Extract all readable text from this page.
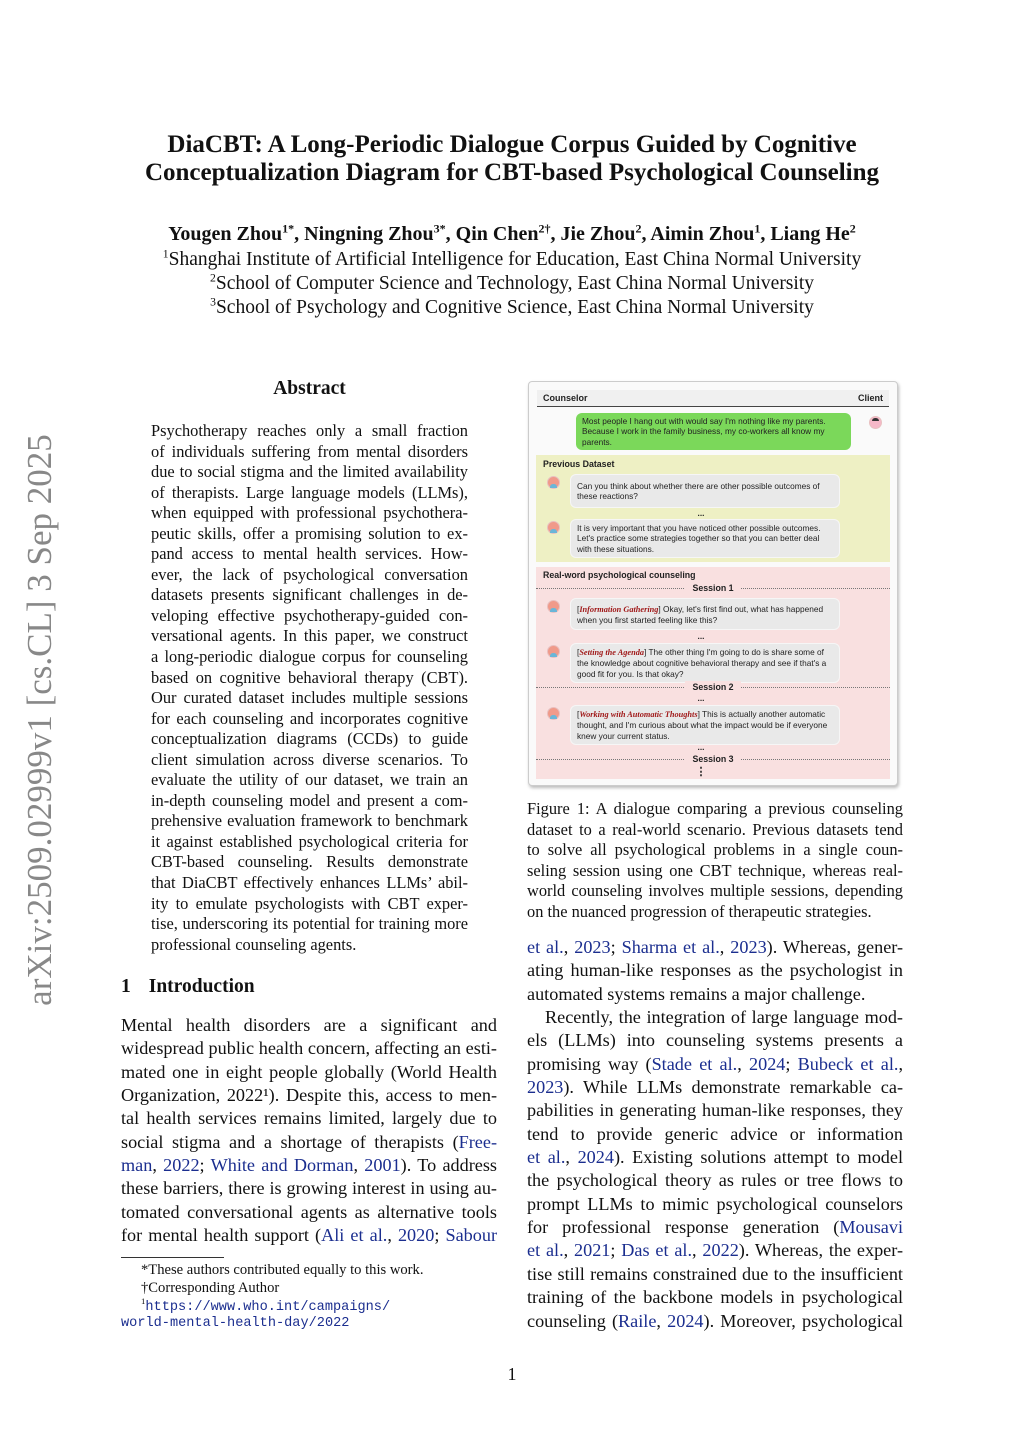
arXiv:2509.02999v1 [cs.CL] 3 Sep 2025
DiaCBT: A Long-Periodic Dialogue Corpus Guided by Cognitive
Conceptualization Diagram for CBT-based Psychological Counseling
Yougen Zhou$^{1*}$, Ningning Zhou$^{3*}$, Qin Chen$^{2\dagger}$, Jie Zhou$^2$, Aimin Zhou$^1$, Liang He$^2$
$^1$Shanghai Institute of Artificial Intelligence for Education, East China Normal University
$^2$School of Computer Science and Technology, East China Normal University
$^3$School of Psychology and Cognitive Science, East China Normal University
Abstract
Psychotherapy reaches only a small fraction
of individuals suffering from mental disorders
due to social stigma and the limited availability
of therapists. Large language models (LLMs),
when equipped with professional psychothera-
peutic skills, offer a promising solution to ex-
pand access to mental health services. How-
ever, the lack of psychological conversation
datasets presents significant challenges in de-
veloping effective psychotherapy-guided con-
versational agents. In this paper, we construct
a long-periodic dialogue corpus for counseling
based on cognitive behavioral therapy (CBT).
Our curated dataset includes multiple sessions
for each counseling and incorporates cognitive
conceptualization diagrams (CCDs) to guide
client simulation across diverse scenarios. To
evaluate the utility of our dataset, we train an
in-depth counseling model and present a com-
prehensive evaluation framework to benchmark
it against established psychological criteria for
CBT-based counseling. Results demonstrate
that DiaCBT effectively enhances LLMs’ abil-
ity to emulate psychologists with CBT exper-
tise, underscoring its potential for training more
professional counseling agents.
1 Introduction
Mental health disorders are a significant and
widespread public health concern, affecting an esti-
mated one in eight people globally (World Health
Organization, 2022¹). Despite this, access to men-
tal health services remains limited, largely due to
social stigma and a shortage of therapists (Free-
man, 2022; White and Dorman, 2001). To address
these barriers, there is growing interest in using au-
tomated conversational agents as alternative tools
for mental health support (Ali et al., 2020; Sabour
*These authors contributed equally to this work.
†Corresponding Author
$^1$https://www.who.int/campaigns/
world-mental-health-day/2022
Counselor	Client
Most people I hang out with would say I'm nothing like my parents. Because I work in the family business, my co-workers all know my parents.
Previous Dataset
Can you think about whether there are other possible outcomes of these reactions?
...
It is very important that you have noticed other possible outcomes. Let's practice some strategies together so that you can better deal with these situations.
Real-word psychological counseling
Session 1
[Information Gathering] Okay, let's first find out, what has happened when you first started feeling like this?
...
[Setting the Agenda] The other thing I'm going to do is share some of the knowledge about cognitive behavioral therapy and see if that's a good fit for you. Is that okay?
Session 2
...
[Working with Automatic Thoughts] This is actually another automatic thought, and I'm curious about what the impact would be if everyone knew your current status.
...
Session 3
⋮
Figure 1: A dialogue comparing a previous counseling
dataset to a real-world scenario. Previous datasets tend
to solve all psychological problems in a single coun-
seling session using one CBT technique, whereas real-
world counseling involves multiple sessions, depending
on the nuanced progression of therapeutic strategies.
et al., 2023; Sharma et al., 2023). Whereas, gener-
ating human-like responses as the psychologist in
automated systems remains a major challenge.
Recently, the integration of large language mod-
els (LLMs) into counseling systems presents a
promising way (Stade et al., 2024; Bubeck et al.,
2023). While LLMs demonstrate remarkable ca-
pabilities in generating human-like responses, they
tend to provide generic advice or information
et al., 2024). Existing solutions attempt to model
the psychological theory as rules or tree flows to
prompt LLMs to mimic psychological counselors
for professional response generation (Mousavi
et al., 2021; Das et al., 2022). Whereas, the exper-
tise still remains constrained due to the insufficient
training of the backbone models in psychological
counseling (Raile, 2024). Moreover, psychological
1
